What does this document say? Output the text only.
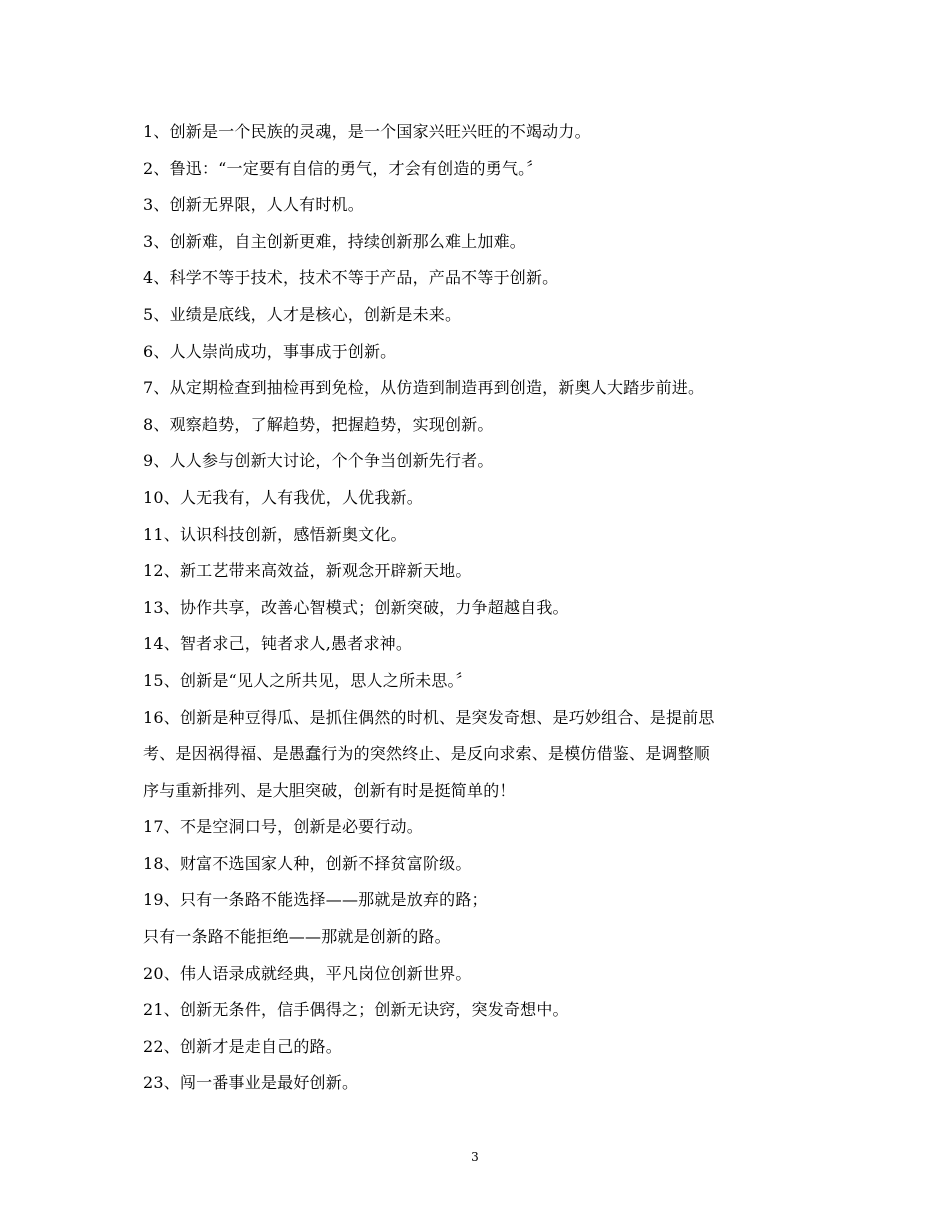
1、创新是一个民族的灵魂，是一个国家兴旺兴旺的不竭动力。
2、鲁迅：“一定要有自信的勇气，才会有创造的勇气。〞
3、创新无界限，人人有时机。
3、创新难，自主创新更难，持续创新那么难上加难。
4、科学不等于技术，技术不等于产品，产品不等于创新。
5、业绩是底线，人才是核心，创新是未来。
6、人人崇尚成功，事事成于创新。
7、从定期检查到抽检再到免检，从仿造到制造再到创造，新奥人大踏步前进。
8、观察趋势，了解趋势，把握趋势，实现创新。
9、人人参与创新大讨论，个个争当创新先行者。
10、人无我有，人有我优，人优我新。
11、认识科技创新，感悟新奥文化。
12、新工艺带来高效益，新观念开辟新天地。
13、协作共享，改善心智模式；创新突破，力争超越自我。
14、智者求己，钝者求人,愚者求神。
15、创新是“见人之所共见，思人之所未思。〞
16、创新是种豆得瓜、是抓住偶然的时机、是突发奇想、是巧妙组合、是提前思
考、是因祸得福、是愚蠢行为的突然终止、是反向求索、是模仿借鉴、是调整顺
序与重新排列、是大胆突破，创新有时是挺简单的！
17、不是空洞口号，创新是必要行动。
18、财富不选国家人种，创新不择贫富阶级。
19、只有一条路不能选择——那就是放弃的路；
只有一条路不能拒绝——那就是创新的路。
20、伟人语录成就经典，平凡岗位创新世界。
21、创新无条件，信手偶得之；创新无诀窍，突发奇想中。
22、创新才是走自己的路。
23、闯一番事业是最好创新。
3
